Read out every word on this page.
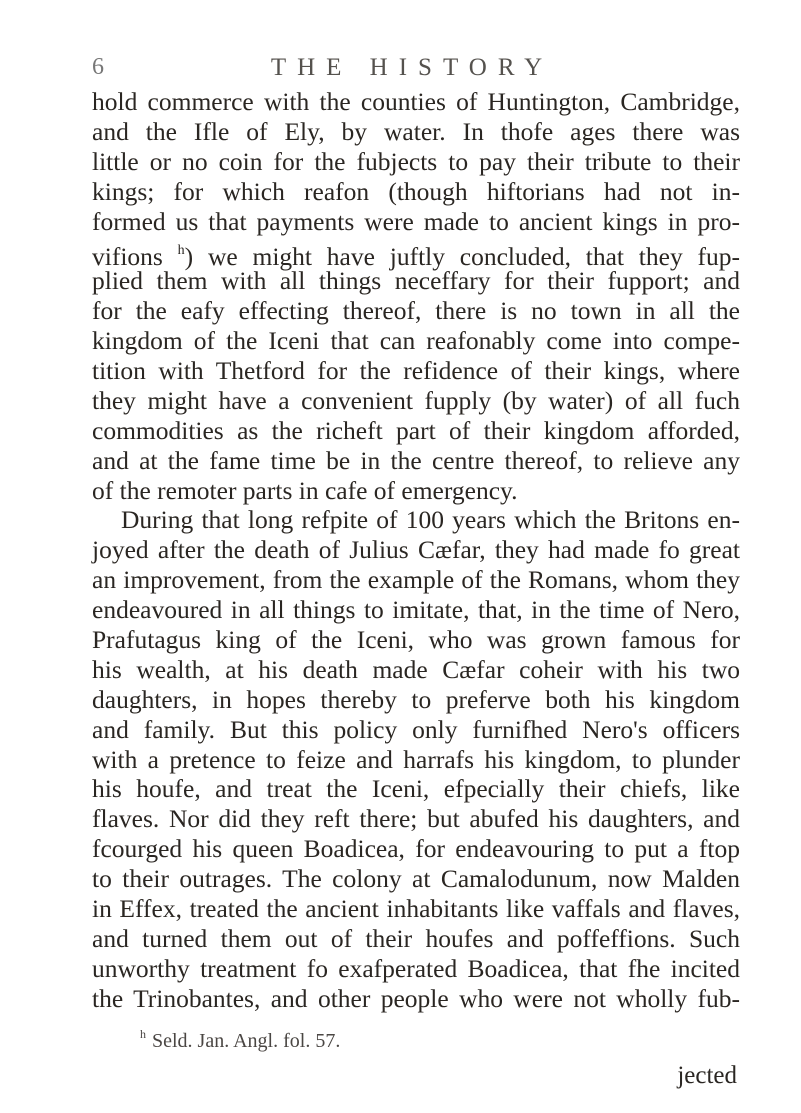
6	THE HISTORY
hold commerce with the counties of Huntington, Cambridge,
and the Ifle of Ely, by water. In thofe ages there was
little or no coin for the fubjects to pay their tribute to their
kings; for which reafon (though hiftorians had not in-
formed us that payments were made to ancient kings in pro-
vifions $^h$) we might have juftly concluded, that they fup-
plied them with all things neceffary for their fupport; and
for the eafy effecting thereof, there is no town in all the
kingdom of the Iceni that can reafonably come into compe-
tition with Thetford for the refidence of their kings, where
they might have a convenient fupply (by water) of all fuch
commodities as the richeft part of their kingdom afforded,
and at the fame time be in the centre thereof, to relieve any
of the remoter parts in cafe of emergency.
During that long refpite of 100 years which the Britons en-
joyed after the death of Julius Cæfar, they had made fo great
an improvement, from the example of the Romans, whom they
endeavoured in all things to imitate, that, in the time of Nero,
Prafutagus king of the Iceni, who was grown famous for
his wealth, at his death made Cæfar coheir with his two
daughters, in hopes thereby to preferve both his kingdom
and family. But this policy only furnifhed Nero's officers
with a pretence to feize and harrafs his kingdom, to plunder
his houfe, and treat the Iceni, efpecially their chiefs, like
flaves. Nor did they reft there; but abufed his daughters, and
fcourged his queen Boadicea, for endeavouring to put a ftop
to their outrages. The colony at Camalodunum, now Malden
in Effex, treated the ancient inhabitants like vaffals and flaves,
and turned them out of their houfes and poffeffions. Such
unworthy treatment fo exafperated Boadicea, that fhe incited
the Trinobantes, and other people who were not wholly fub-
$^h$ Seld. Jan. Angl. fol. 57.
jected
